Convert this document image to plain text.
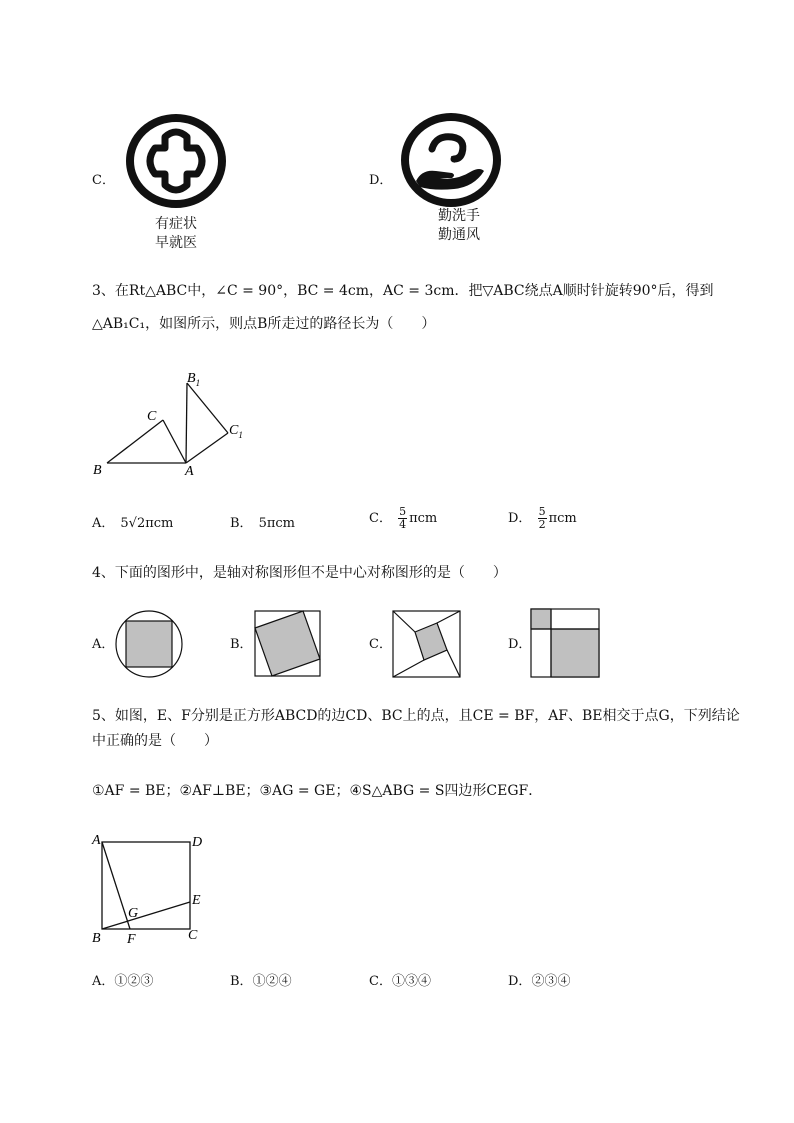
C．
有症状
早就医
D．
勤洗手
勤通风
3、在Rt△ABC中，∠C = 90°，BC = 4cm，AC = 3cm．把▽ABC绕点A顺时针旋转90°后，得到
△AB₁C₁，如图所示，则点B所走过的路径长为（　　）
$B_1$
C
$C_1$
B	A
A． 5√2πcm	B． 5πcm	C． $\frac{5}{4}$ πcm	D． $\frac{5}{2}$ πcm
4、下面的图形中，是轴对称图形但不是中心对称图形的是（　　）
A．	B．	C．	D．
5、如图，E、F分别是正方形ABCD的边CD、BC上的点，且CE = BF，AF、BE相交于点G，下列结论
中正确的是（　　）
①AF = BE；②AF⊥BE；③AG = GE；④S△ABG = S四边形CEGF．
A	D
E
G
B F	C
A．①②③	B．①②④	C．①③④	D．②③④
